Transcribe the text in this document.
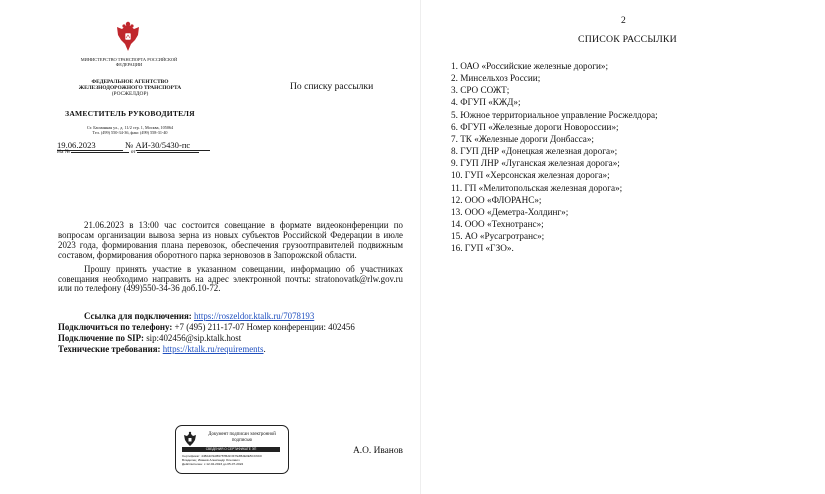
МИНИСТЕРСТВО ТРАНСПОРТА РОССИЙСКОЙ ФЕДЕРАЦИИ
ФЕДЕРАЛЬНОЕ АГЕНТСТВО ЖЕЛЕЗНОДОРОЖНОГО ТРАНСПОРТА
(РОСЖЕЛДОР)
ЗАМЕСТИТЕЛЬ РУКОВОДИТЕЛЯ
Ст. Басманная ул., д. 11/2 стр. 1, Москва, 105064
Тел. (499) 550-34-36, факс (499) 558-31-40
19.06.2023	№ АИ-30/5430-пс
На №	от
По списку рассылки

21.06.2023 в 13:00 час состоится совещание в формате видеоконференции по вопросам организации вывоза зерна из новых субъектов Российской Федерации в июле 2023 года, формирования плана перевозок, обеспечения грузоотправителей подвижным составом, формирования оборотного парка зерновозов в Запорожской области.

Прошу принять участие в указанном совещании, информацию об участниках совещания необходимо направить на адрес электронной почты: stratonovatk@rlw.gov.ru или по телефону (499)550-34-36 доб.10-72.

Ссылка для подключения: https://roszeldor.ktalk.ru/7078193
Подключиться по телефону: +7 (495) 211-17-07 Номер конференции: 402456
Подключение по SIP: sip:402456@sip.ktalk.host
Технические требования: https://ktalk.ru/requirements.
Документ подписан электронной подписью
СВЕДЕНИЯ О СЕРТИФИКАТЕ ЭП
Сертификат: 44BA1F9AB9787BAF3F7E3B2E0E5CC6C0
Владелец: Иванов Александр Олегович
Действителен: с 12-04-2023 до 05-07-2024
А.О. Иванов
2
СПИСОК РАССЫЛКИ
1. ОАО «Российские железные дороги»;
2. Минсельхоз России;
3. СРО СОЖТ;
4. ФГУП «КЖД»;
5. Южное территориальное управление Росжелдора;
6. ФГУП «Железные дороги Новороссии»;
7. ТК «Железные дороги Донбасса»;
8. ГУП ДНР «Донецкая железная дорога»;
9. ГУП ЛНР «Луганская железная дорога»;
10. ГУП «Херсонская железная дорога»;
11. ГП «Мелитопольская железная дорога»;
12. ООО «ФЛОРАНС»;
13. ООО «Деметра-Холдинг»;
14. ООО «Технотранс»;
15. АО «Русагротранс»;
16. ГУП «ГЗО».
